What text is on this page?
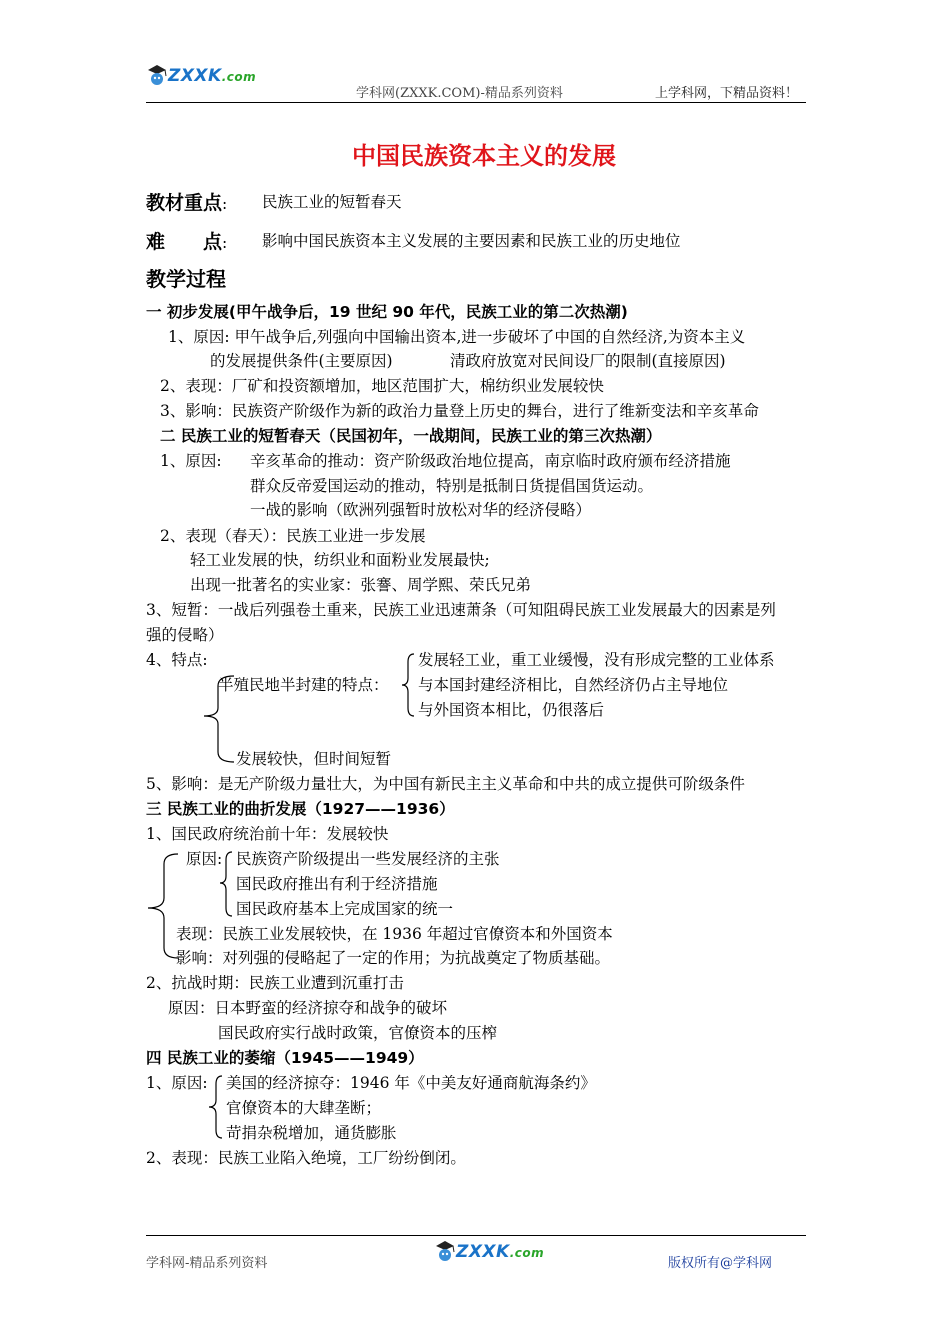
ZXXK.com
学科网(ZXXK.COM)-精品系列资料	上学科网，下精品资料！
中国民族资本主义的发展
教材重点: 民族工业的短暂春天
难　　点: 影响中国民族资本主义发展的主要因素和民族工业的历史地位
教学过程
一 初步发展(甲午战争后，19 世纪 90 年代，民族工业的第二次热潮)
1、原因: 甲午战争后,列强向中国输出资本,进一步破坏了中国的自然经济,为资本主义
的发展提供条件(主要原因)	清政府放宽对民间设厂的限制(直接原因)
2、表现：厂矿和投资额增加，地区范围扩大，棉纺织业发展较快
3、影响：民族资产阶级作为新的政治力量登上历史的舞台，进行了维新变法和辛亥革命
二 民族工业的短暂春天（民国初年，一战期间，民族工业的第三次热潮）
1、原因: 辛亥革命的推动：资产阶级政治地位提高，南京临时政府颁布经济措施
群众反帝爱国运动的推动，特别是抵制日货提倡国货运动。
一战的影响（欧洲列强暂时放松对华的经济侵略）
2、表现（春天）：民族工业进一步发展
轻工业发展的快，纺织业和面粉业发展最快;
出现一批著名的实业家：张謇、周学熙、荣氏兄弟
3、短暂：一战后列强卷土重来，民族工业迅速萧条（可知阻碍民族工业发展最大的因素是列
强的侵略）
4、特点:
半殖民地半封建的特点：
发展轻工业，重工业缓慢，没有形成完整的工业体系
与本国封建经济相比，自然经济仍占主导地位
与外国资本相比，仍很落后
发展较快，但时间短暂
5、影响：是无产阶级力量壮大，为中国有新民主主义革命和中共的成立提供可阶级条件
三 民族工业的曲折发展（1927——1936）
1、国民政府统治前十年：发展较快
原因: 民族资产阶级提出一些发展经济的主张
国民政府推出有利于经济措施
国民政府基本上完成国家的统一
表现：民族工业发展较快，在 1936 年超过官僚资本和外国资本
影响：对列强的侵略起了一定的作用；为抗战奠定了物质基础。
2、抗战时期：民族工业遭到沉重打击
原因：日本野蛮的经济掠夺和战争的破坏
国民政府实行战时政策，官僚资本的压榨
四 民族工业的萎缩（1945——1949）
1、原因: 美国的经济掠夺：1946 年《中美友好通商航海条约》
官僚资本的大肆垄断；
苛捐杂税增加，通货膨胀
2、表现：民族工业陷入绝境，工厂纷纷倒闭。
学科网-精品系列资料
ZXXK.com
版权所有@学科网
